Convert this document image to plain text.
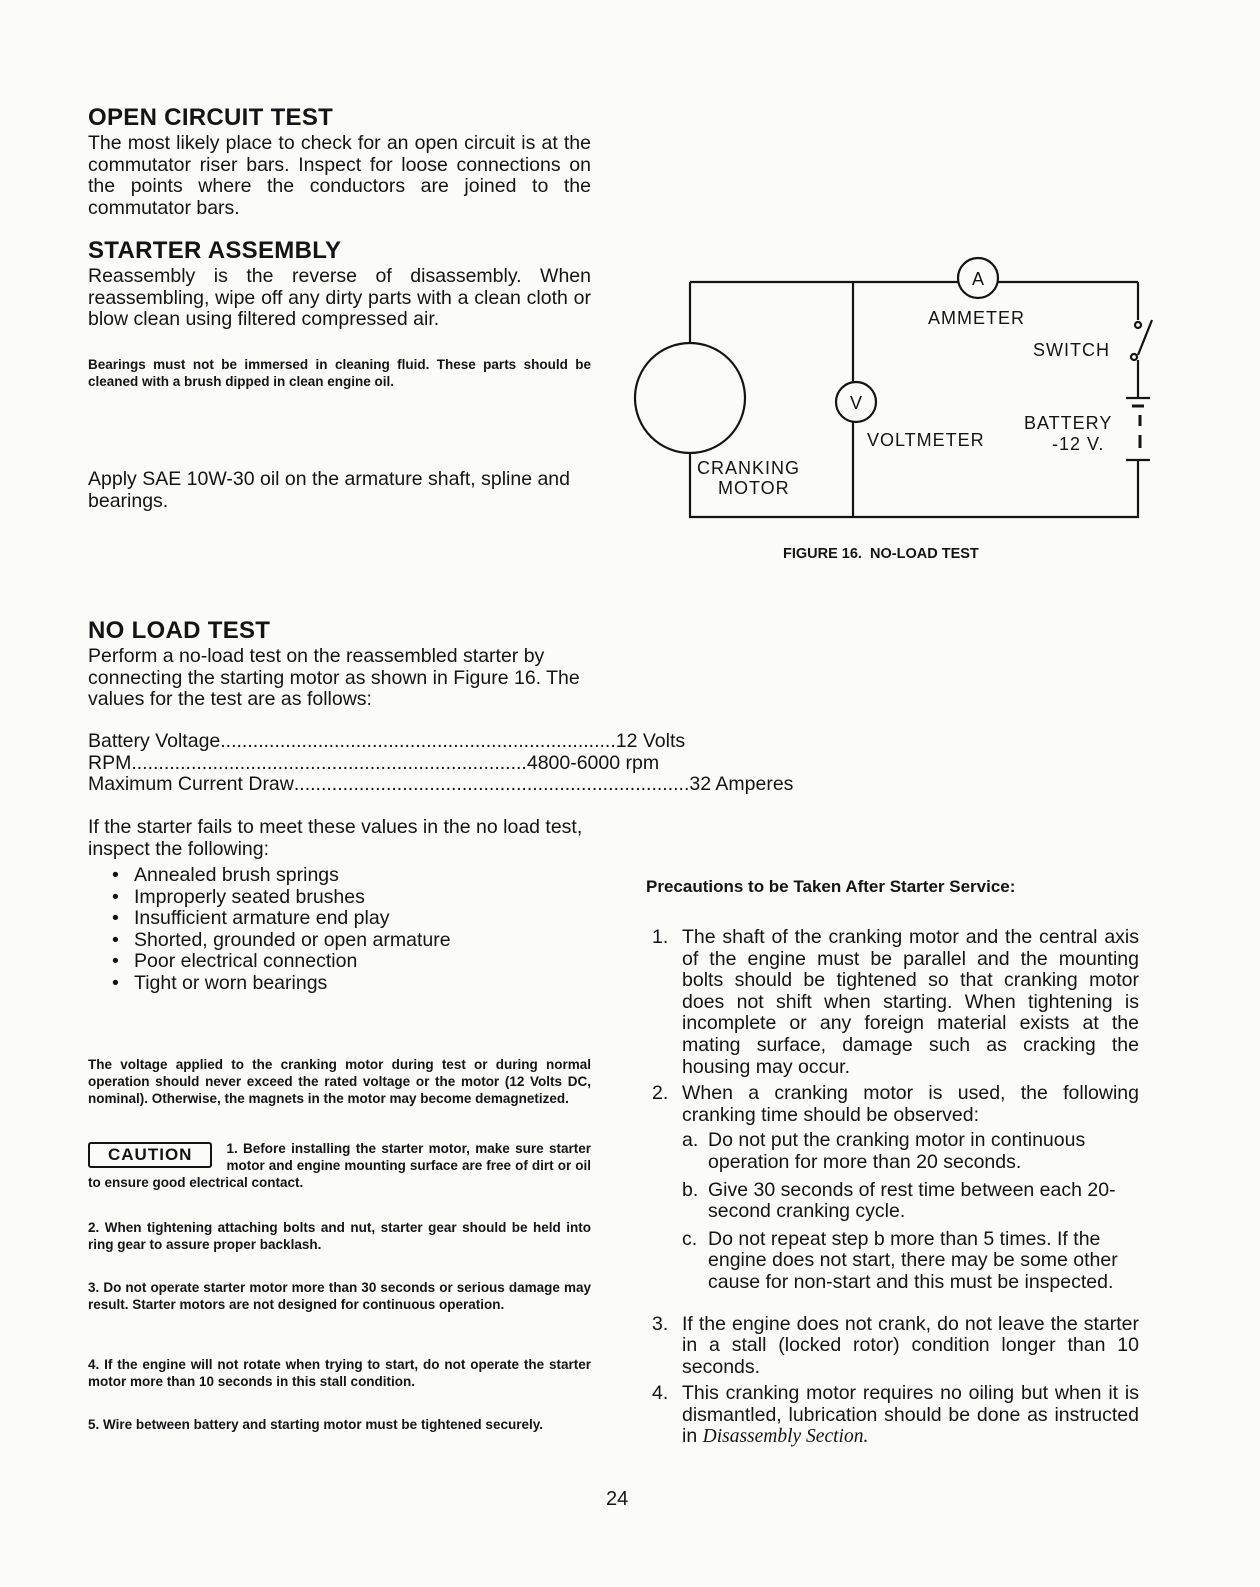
OPEN CIRCUIT TEST
The most likely place to check for an open circuit is at the commutator riser bars. Inspect for loose connections on the points where the conductors are joined to the commutator bars.
STARTER ASSEMBLY
Reassembly is the reverse of disassembly. When reassembling, wipe off any dirty parts with a clean cloth or blow clean using filtered compressed air.
Bearings must not be immersed in cleaning fluid. These parts should be cleaned with a brush dipped in clean engine oil.
Apply SAE 10W-30 oil on the armature shaft, spline and bearings.
NO LOAD TEST
Perform a no-load test on the reassembled starter by connecting the starting motor as shown in Figure 16. The values for the test are as follows:
Battery Voltage ......................................................................... 12 Volts
RPM ......................................................................... 4800-6000 rpm
Maximum Current Draw ......................................................................... 32 Amperes
If the starter fails to meet these values in the no load test, inspect the following:
• Annealed brush springs
• Improperly seated brushes
• Insufficient armature end play
• Shorted, grounded or open armature
• Poor electrical connection
• Tight or worn bearings
The voltage applied to the cranking motor during test or during normal operation should never exceed the rated voltage or the motor (12 Volts DC, nominal). Otherwise, the magnets in the motor may become demagnetized.
CAUTION	1. Before installing the starter motor, make sure starter motor and engine mounting surface are free of dirt or oil to ensure good electrical contact.
2. When tightening attaching bolts and nut, starter gear should be held into ring gear to assure proper backlash.
3. Do not operate starter motor more than 30 seconds or serious damage may result. Starter motors are not designed for continuous operation.
4. If the engine will not rotate when trying to start, do not operate the starter motor more than 10 seconds in this stall condition.
5. Wire between battery and starting motor must be tightened securely.
A
V
AMMETER
SWITCH
VOLTMETER
BATTERY
-12 V.
CRANKING
MOTOR
FIGURE 16.  NO-LOAD TEST
Precautions to be Taken After Starter Service:
1. The shaft of the cranking motor and the central axis of the engine must be parallel and the mounting bolts should be tightened so that cranking motor does not shift when starting. When tightening is incomplete or any foreign material exists at the mating surface, damage such as cracking the housing may occur.
2. When a cranking motor is used, the following cranking time should be observed:
a. Do not put the cranking motor in continuous operation for more than 20 seconds.
b. Give 30 seconds of rest time between each 20-second cranking cycle.
c. Do not repeat step b more than 5 times. If the engine does not start, there may be some other cause for non-start and this must be inspected.
3. If the engine does not crank, do not leave the starter in a stall (locked rotor) condition longer than 10 seconds.
4. This cranking motor requires no oiling but when it is dismantled, lubrication should be done as instructed in Disassembly Section.
24
